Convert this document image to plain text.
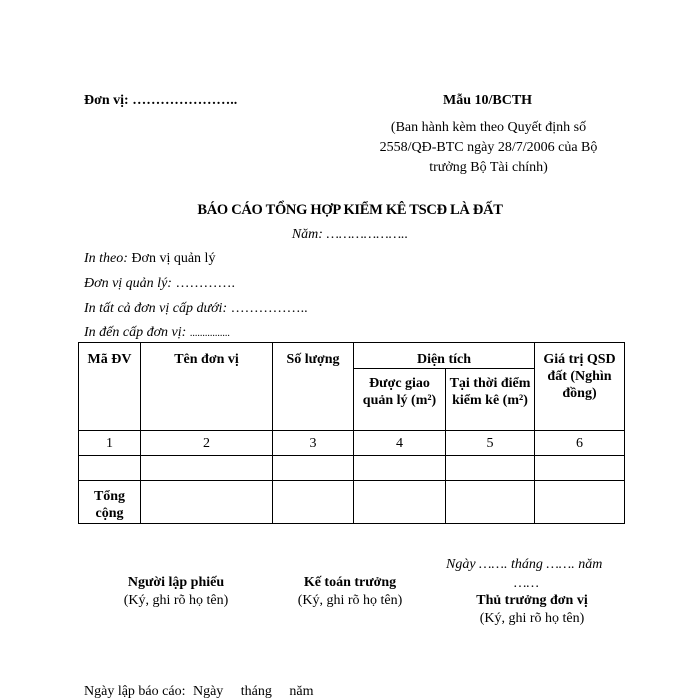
Đơn vị: …………………..	Mẫu 10/BCTH
(Ban hành kèm theo Quyết định số 2558/QĐ-BTC ngày 28/7/2006 của Bộ trưởng Bộ Tài chính)
BÁO CÁO TỔNG HỢP KIỂM KÊ TSCĐ LÀ ĐẤT
Năm: ………………..
In theo: Đơn vị quản lý
Đơn vị quản lý: ………….
In tất cả đơn vị cấp dưới: ……………..
In đến cấp đơn vị: ................
Mã ĐV	Tên đơn vị	Số lượng	Diện tích		Giá trị QSD đất (Nghìn đồng)
			Được giao quản lý (m²)	Tại thời điểm kiểm kê (m²)	
1	2	3	4	5	6

Tổng cộng					
Ngày ……. tháng ……. năm
……
Người lập phiếu
(Ký, ghi rõ họ tên)
Kế toán trưởng
(Ký, ghi rõ họ tên)	Thủ trưởng đơn vị
(Ký, ghi rõ họ tên)
Ngày lập báo cáo: Ngày tháng năm
